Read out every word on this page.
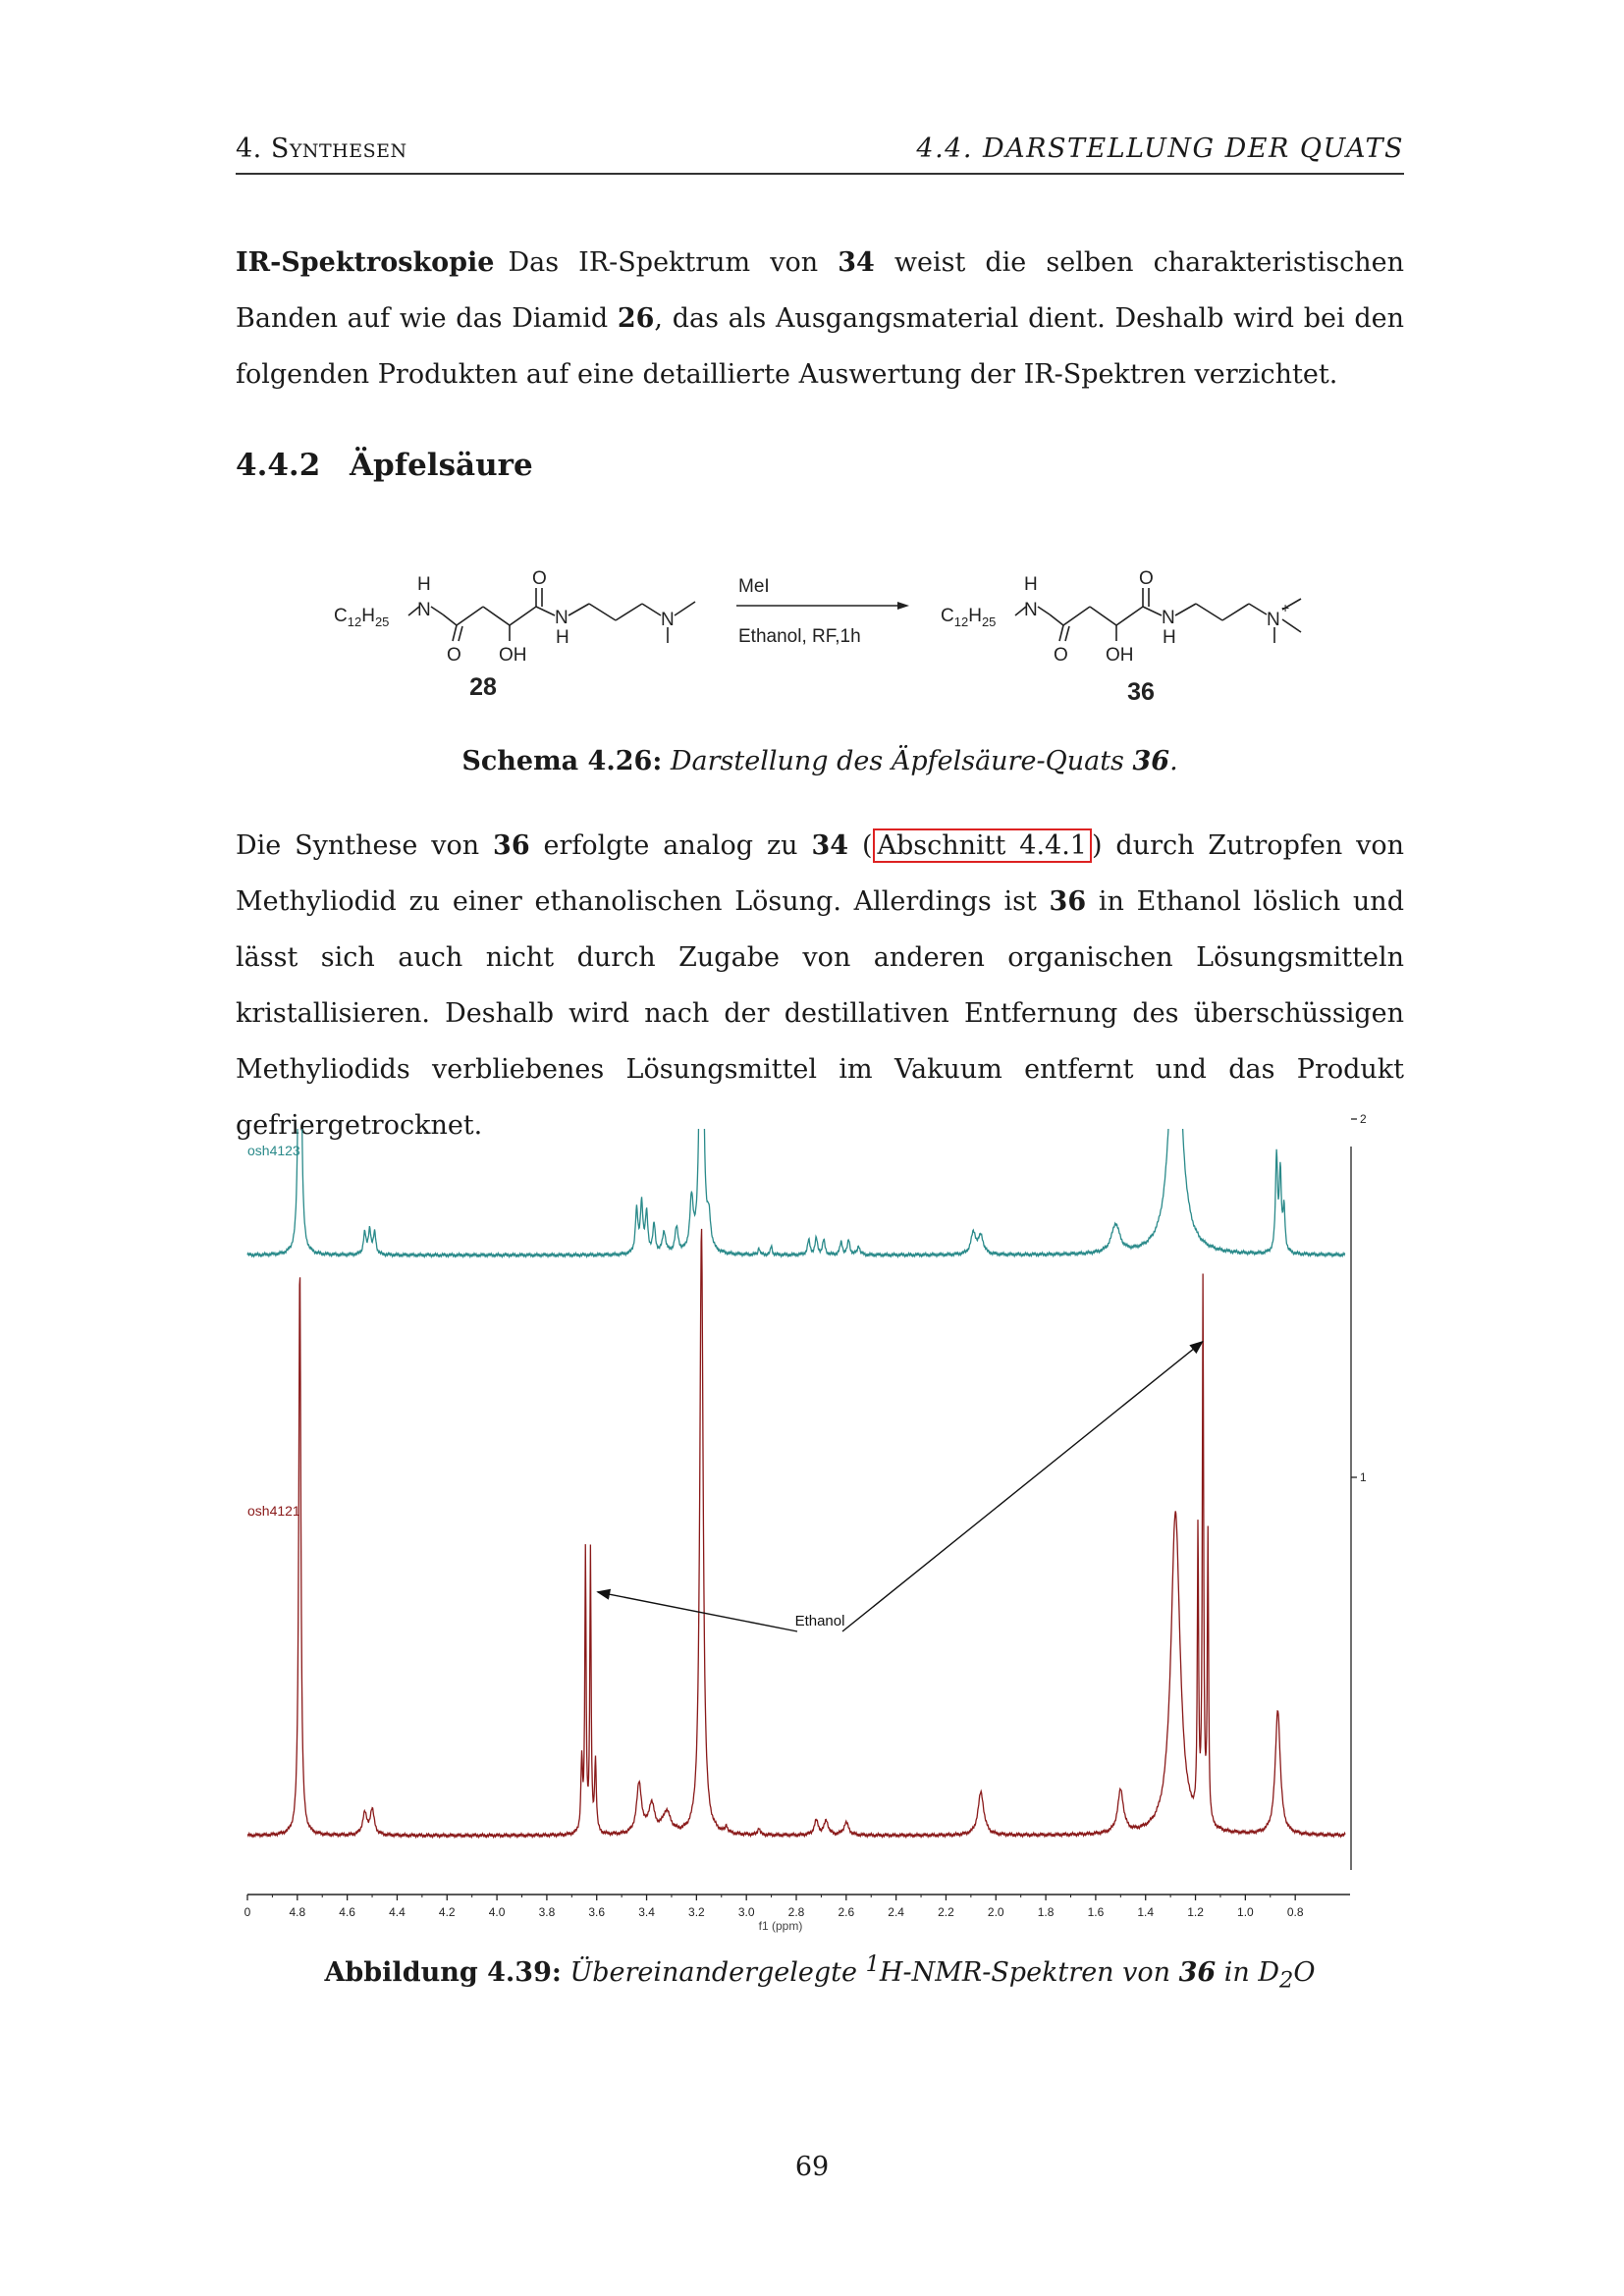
4. Synthesen	4.4. DARSTELLUNG DER QUATS

IR-Spektroskopie Das IR-Spektrum von 34 weist die selben charakteristischen Banden auf wie das Diamid 26, das als Ausgangsmaterial dient. Deshalb wird bei den folgenden Produkten auf eine detaillierte Auswertung der IR-Spektren verzichtet.

4.4.2 Äpfelsäure
$C_{12}H_{25}$
H
N
O OH
O
N
H
N
MeI
Ethanol, RF,1h
$C_{12}H_{25}$
H
N
O OH
O
N
H
N
+
28	36
Schema 4.26: Darstellung des Äpfelsäure-Quats 36.

Die Synthese von 36 erfolgte analog zu 34 ( Abschnitt 4.4.1 ) durch Zutropfen von Methyliodid zu einer ethanolischen Lösung. Allerdings ist 36 in Ethanol löslich und lässt sich auch nicht durch Zugabe von anderen organischen Lösungsmitteln kristallisieren. Deshalb wird nach der destillativen Entfernung des überschüssigen Methyliodids verbliebenes Lösungsmittel im Vakuum entfernt und das Produkt gefriergetrocknet.

0	4.8	4.6	4.4	4.2	4.0	3.8	3.6	3.4	3.2	3.0	2.8	2.6	2.4	2.2	2.0	1.8	1.6	1.4	1.2	1.0	0.8
2
1
osh4123
osh4121
Ethanol
f1 (ppm)
Abbildung 4.39: Übereinandergelegte $^1$H-NMR-Spektren von 36 in $D_2O$
69
